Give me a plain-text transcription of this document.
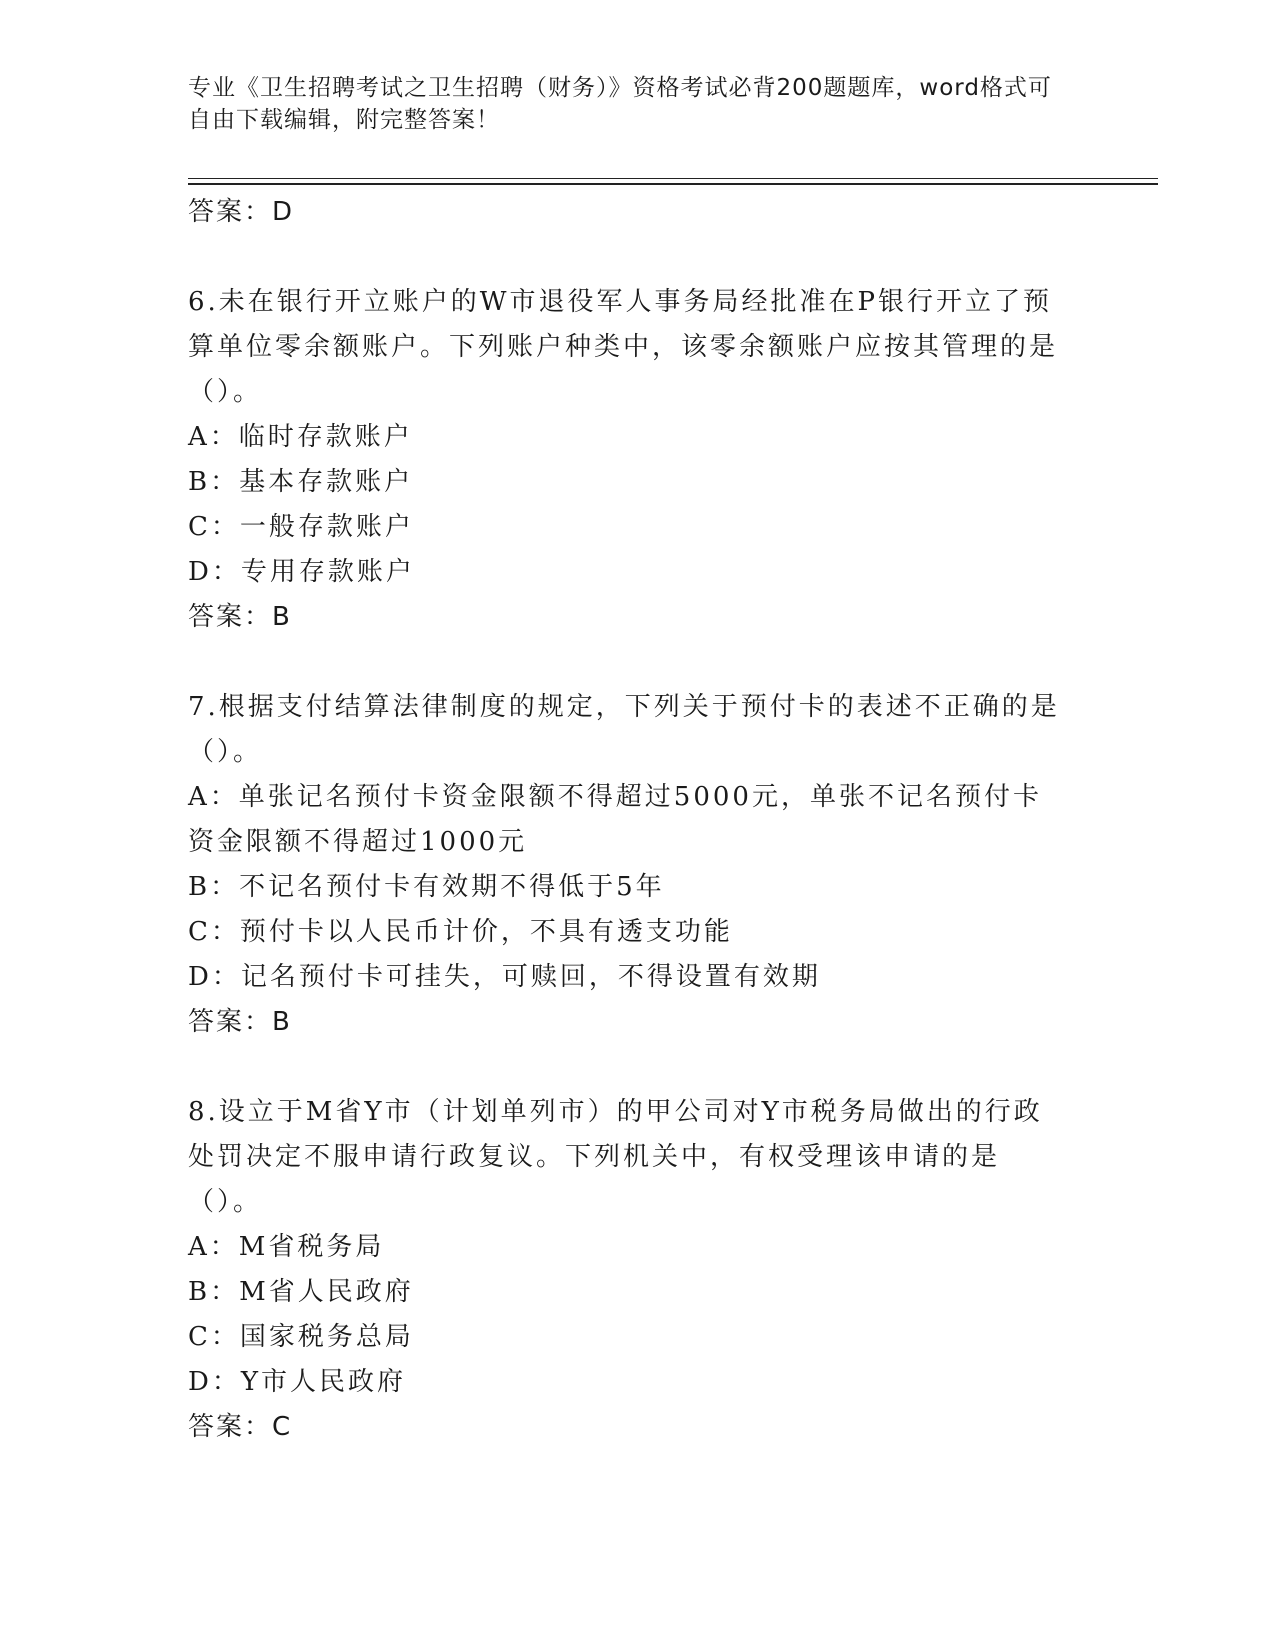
专业《卫生招聘考试之卫生招聘（财务）》资格考试必背200题题库，word格式可自由下载编辑，附完整答案！

答案：D

6.未在银行开立账户的W市退役军人事务局经批准在P银行开立了预算单位零余额账户。下列账户种类中，该零余额账户应按其管理的是（）。

A：临时存款账户

B：基本存款账户

C：一般存款账户

D：专用存款账户

答案：B

7.根据支付结算法律制度的规定，下列关于预付卡的表述不正确的是（）。

A：单张记名预付卡资金限额不得超过5000元，单张不记名预付卡资金限额不得超过1000元

B：不记名预付卡有效期不得低于5年

C：预付卡以人民币计价，不具有透支功能

D：记名预付卡可挂失，可赎回，不得设置有效期

答案：B

8.设立于M省Y市（计划单列市）的甲公司对Y市税务局做出的行政处罚决定不服申请行政复议。下列机关中，有权受理该申请的是（）。

A：M省税务局

B：M省人民政府

C：国家税务总局

D：Y市人民政府

答案：C
